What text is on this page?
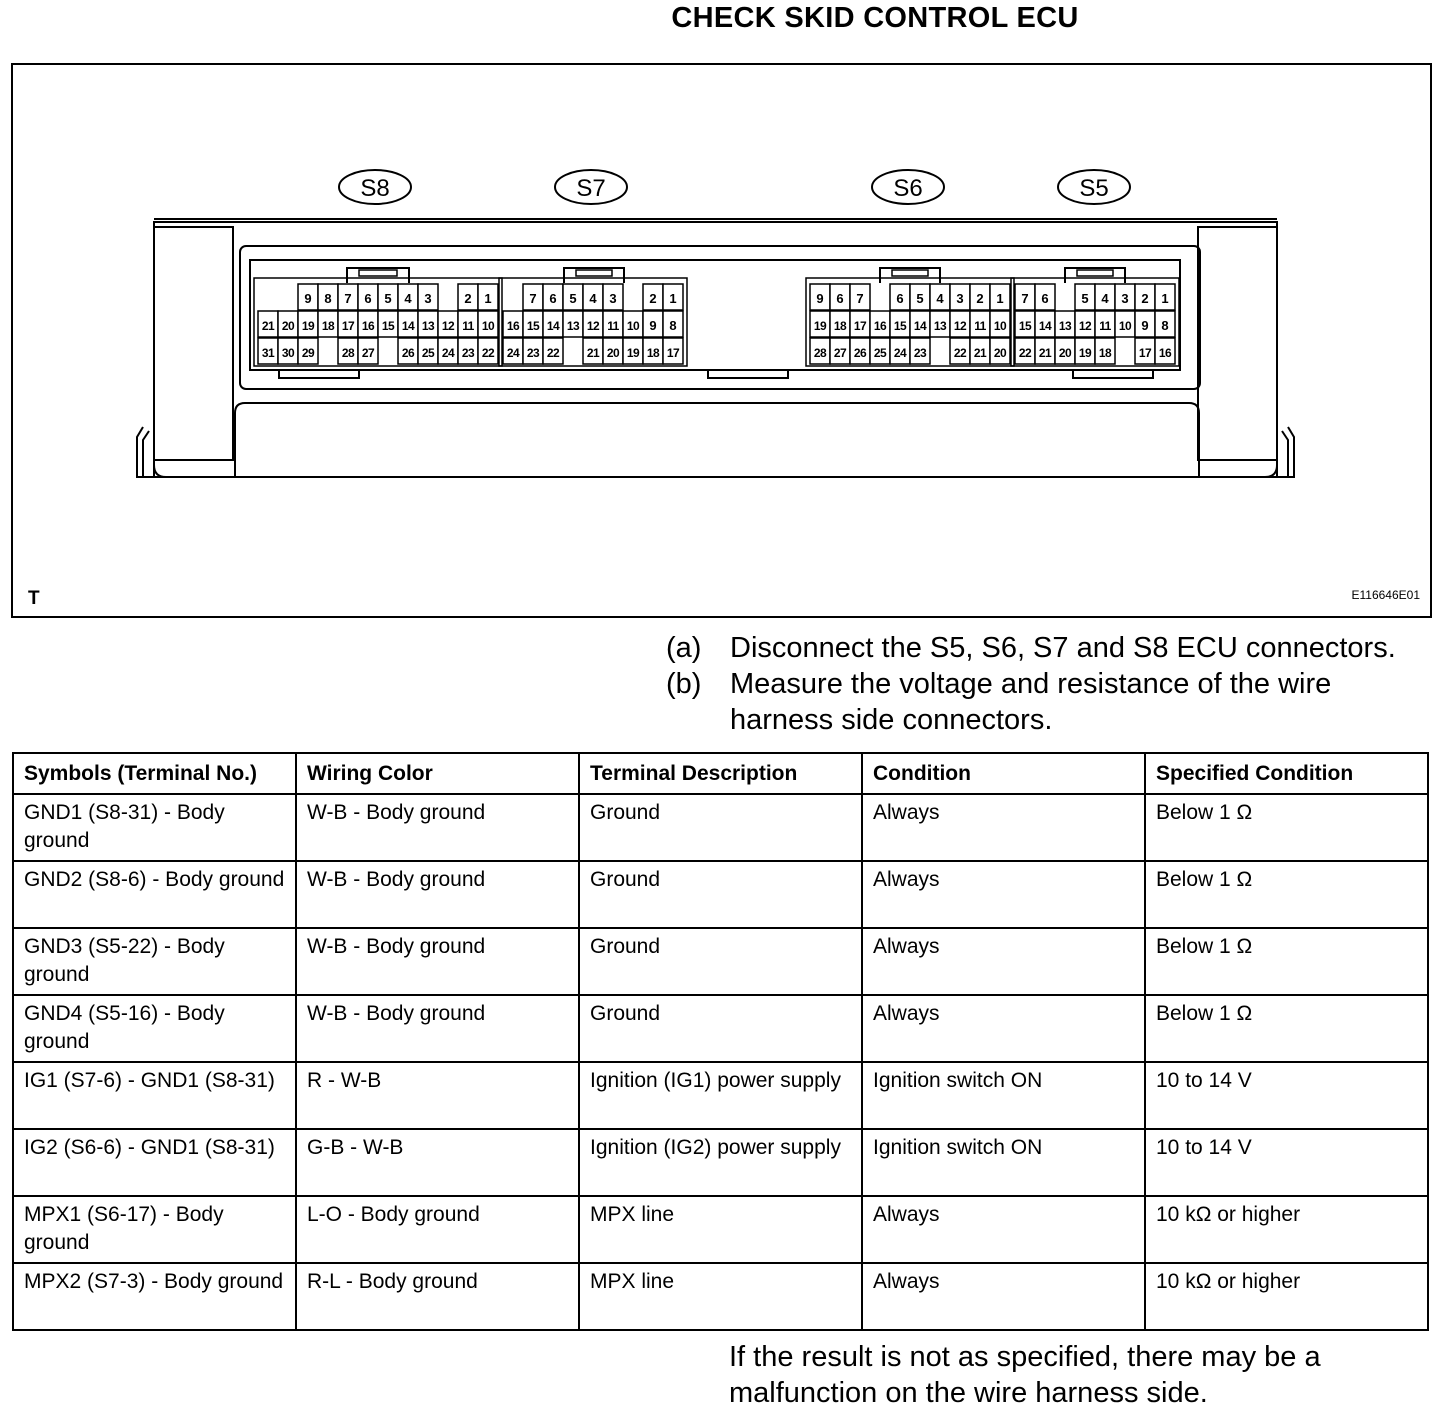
CHECK SKID CONTROL ECU
S8
9 8 7 6 5 4 3	2 1
21 20 19 18 17 16 15 14 13 12 11 10
31 30 29 28 27 26 25 24 23 22
S7
7 6 5 4 3	2 1
16 15 14 13 12 11 10 9 8
24 23 22 21 20 19 18 17
S6
9 6 7	6 5 4 3 2 1
19 18 17 16 15 14 13 12 11 10
28 27 26 25 24 23 22 21 20
S5
7 6	5 4 3 2 1
15 14 13 12 11 10 9 8
22 21 20 19 18 17 16
T	E116646E01
(a) Disconnect the S5, S6, S7 and S8 ECU connectors.
(b) Measure the voltage and resistance of the wire harness side connectors.
Symbols (Terminal No.)	Wiring Color	Terminal Description	Condition	Specified Condition
GND1 (S8-31) - Body ground	W-B - Body ground	Ground	Always	Below 1 Ω
GND2 (S8-6) - Body ground	W-B - Body ground	Ground	Always	Below 1 Ω
GND3 (S5-22) - Body ground	W-B - Body ground	Ground	Always	Below 1 Ω
GND4 (S5-16) - Body ground	W-B - Body ground	Ground	Always	Below 1 Ω
IG1 (S7-6) - GND1 (S8-31)	R - W-B	Ignition (IG1) power supply	Ignition switch ON	10 to 14 V
IG2 (S6-6) - GND1 (S8-31)	G-B - W-B	Ignition (IG2) power supply	Ignition switch ON	10 to 14 V
MPX1 (S6-17) - Body ground	L-O - Body ground	MPX line	Always	10 kΩ or higher
MPX2 (S7-3) - Body ground	R-L - Body ground	MPX line	Always	10 kΩ or higher
If the result is not as specified, there may be a malfunction on the wire harness side.
